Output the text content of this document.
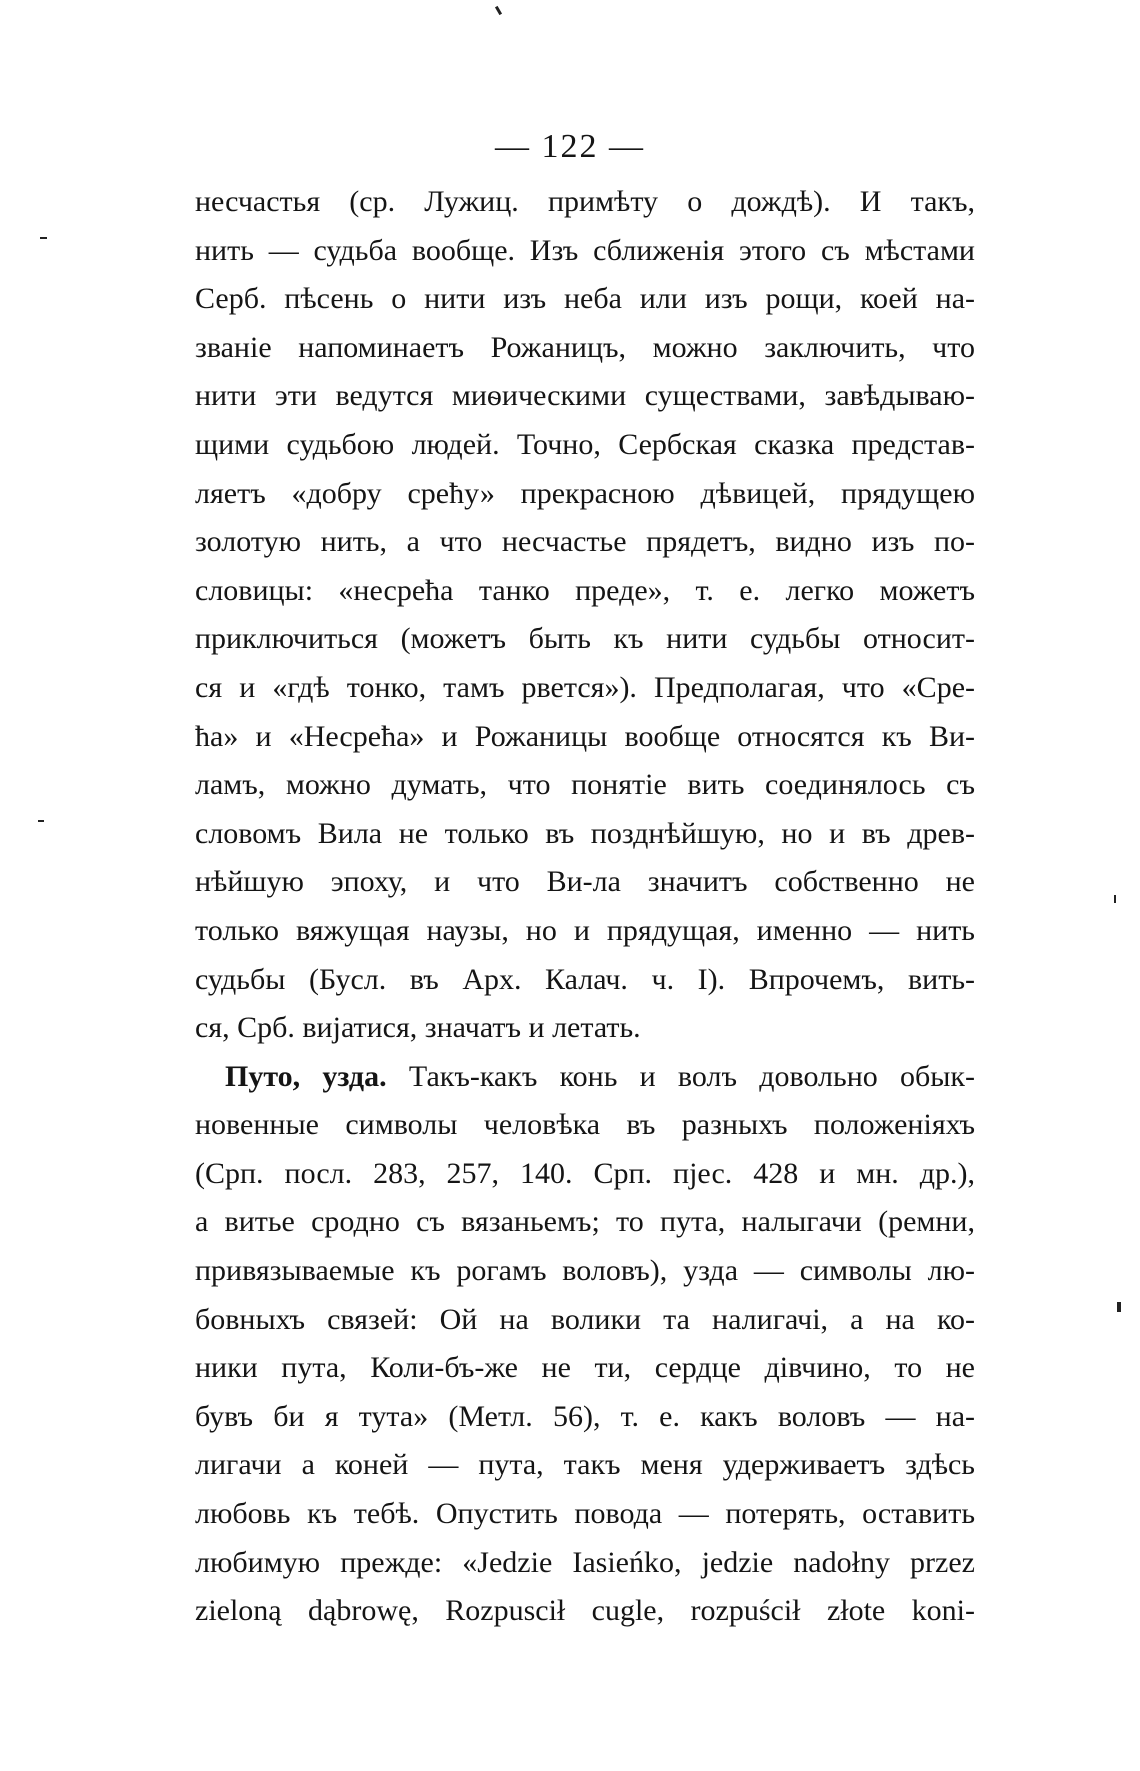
— 122 —
несчастья (ср. Лужиц. примѣту о дождѣ). И такъ,
нить — судьба вообще. Изъ сближенія этого съ мѣстами
Серб. пѣсень о нити изъ неба или изъ рощи, коей на-
званіе напоминаетъ Рожаницъ, можно заключить, что
нити эти ведутся миѳическими существами, завѣдываю-
щими судьбою людей. Точно, Сербская сказка представ-
ляетъ «добру срећу» прекрасною дѣвицей, прядущею
золотую нить, а что несчастье прядетъ, видно изъ по-
словицы: «несрећа танко преде», т. е. легко можетъ
приключиться (можетъ быть къ нити судьбы относит-
ся и «гдѣ тонко, тамъ рвется»). Предполагая, что «Сре-
ћа» и «Несрећа» и Рожаницы вообще относятся къ Ви-
ламъ, можно думать, что понятіе вить соединялось съ
словомъ Вила не только въ позднѣйшую, но и въ древ-
нѣйшую эпоху, и что Ви-ла значитъ собственно не
только вяжущая наузы, но и прядущая, именно — нить
судьбы (Бусл. въ Арх. Калач. ч. I). Впрочемъ, вить-
ся, Срб. вијатися, значатъ и летать.
Путо, узда. Такъ-какъ конь и волъ довольно обык-
новенные символы человѣка въ разныхъ положеніяхъ
(Срп. посл. 283, 257, 140. Срп. пјес. 428 и мн. др.),
а витье сродно съ вязаньемъ; то пута, налыгачи (ремни,
привязываемые къ рогамъ воловъ), узда — символы лю-
бовныхъ связей: Ой на волики та налигачі, а на ко-
ники пута, Коли-бъ-же не ти, сердце дівчино, то не
бувъ би я тута» (Метл. 56), т. е. какъ воловъ — на-
лигачи а коней — пута, такъ меня удерживаетъ здѣсь
любовь къ тебѣ. Опустить повода — потерять, оставить
любимую прежде: «Jedzie Iasieńko, jedzie nadołny przez
zieloną dąbrowę, Rozpuscił cugle, rozpuścił złote koni-
